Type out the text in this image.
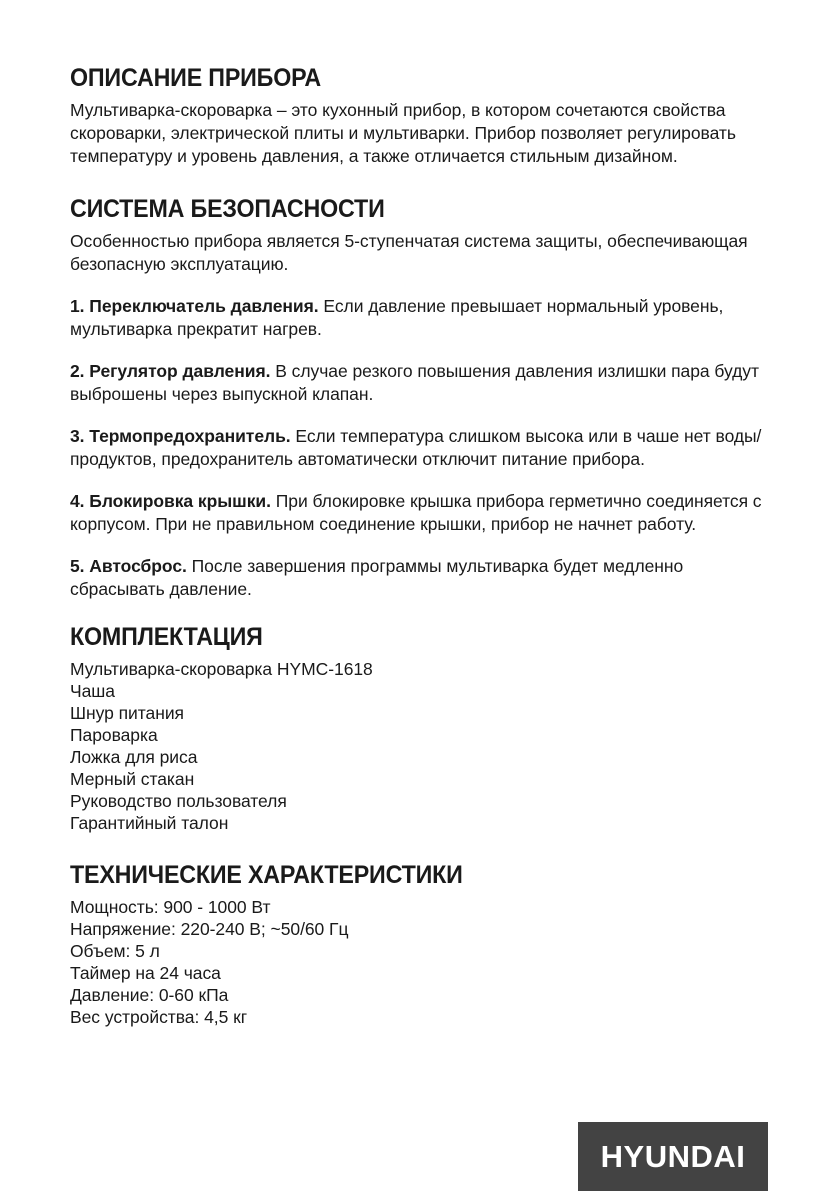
ОПИСАНИЕ ПРИБОРА

Мультиварка-скороварка – это кухонный прибор, в котором сочетаются свойства скороварки, электрической плиты и мультиварки. Прибор позволяет регулировать температуру и уровень давления, а также отличается стильным дизайном.

СИСТЕМА БЕЗОПАСНОСТИ

Особенностью прибора является 5-ступенчатая система защиты, обеспечивающая безопасную эксплуатацию.

1. Переключатель давления. Если давление превышает нормальный уровень, мультиварка прекратит нагрев.

2. Регулятор давления. В случае резкого повышения давления излишки пара будут выброшены через выпускной клапан.

3. Термопредохранитель. Если температура слишком высока или в чаше нет воды/продуктов, предохранитель автоматически отключит питание прибора.

4. Блокировка крышки. При блокировке крышка прибора герметично соединяется с корпусом. При не правильном соединение крышки, прибор не начнет работу.

5. Автосброс. После завершения программы мультиварка будет медленно сбрасывать давление.

КОМПЛЕКТАЦИЯ
Мультиварка-скороварка HYMC-1618
Чаша
Шнур питания
Пароварка
Ложка для риса
Мерный стакан
Руководство пользователя
Гарантийный талон
ТЕХНИЧЕСКИЕ ХАРАКТЕРИСТИКИ
Мощность: 900 - 1000 Вт
Напряжение: 220-240 В; ~50/60 Гц
Объем: 5 л
Таймер на 24 часа
Давление: 0-60 кПа
Вес устройства: 4,5 кг
HYUNDAI
